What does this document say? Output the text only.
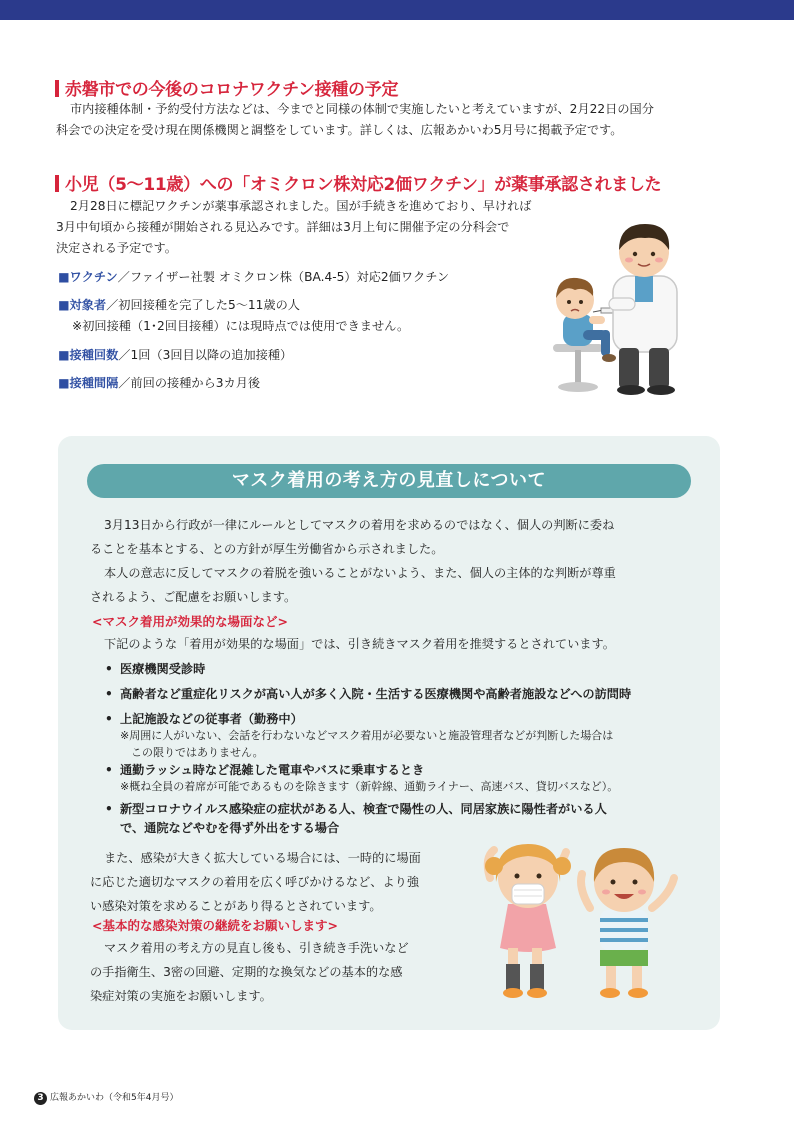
赤磐市での今後のコロナワクチン接種の予定
市内接種体制・予約受付方法などは、今までと同様の体制で実施したいと考えていますが、2月22日の国分
科会での決定を受け現在関係機関と調整をしています。詳しくは、広報あかいわ5月号に掲載予定です。
小児（5〜11歳）への「オミクロン株対応2価ワクチン」が薬事承認されました
2月28日に標記ワクチンが薬事承認されました。国が手続きを進めており、早ければ
3月中旬頃から接種が開始される見込みです。詳細は3月上旬に開催予定の分科会で
決定される予定です。
■ワクチン／ファイザー社製 オミクロン株（BA.4-5）対応2価ワクチン
■対象者／初回接種を完了した5〜11歳の人
※初回接種（1･2回目接種）には現時点では使用できません。
■接種回数／1回（3回目以降の追加接種）
■接種間隔／前回の接種から3カ月後
マスク着用の考え方の見直しについて
3月13日から行政が一律にルールとしてマスクの着用を求めるのではなく、個人の判断に委ね
ることを基本とする、との方針が厚生労働省から示されました。
本人の意志に反してマスクの着脱を強いることがないよう、また、個人の主体的な判断が尊重
されるよう、ご配慮をお願いします。
<マスク着用が効果的な場面など>
下記のような「着用が効果的な場面」では、引き続きマスク着用を推奨するとされています。
• 医療機関受診時
• 高齢者など重症化リスクが高い人が多く入院・生活する医療機関や高齢者施設などへの訪問時
• 上記施設などの従事者（勤務中）
※周囲に人がいない、会話を行わないなどマスク着用が必要ないと施設管理者などが判断した場合は
この限りではありません。
• 通勤ラッシュ時など混雑した電車やバスに乗車するとき
※概ね全員の着席が可能であるものを除きます（新幹線、通勤ライナー、高速バス、貸切バスなど）。
• 新型コロナウイルス感染症の症状がある人、検査で陽性の人、同居家族に陽性者がいる人
で、通院などやむを得ず外出をする場合
また、感染が大きく拡大している場合には、一時的に場面
に応じた適切なマスクの着用を広く呼びかけるなど、より強
い感染対策を求めることがあり得るとされています。
<基本的な感染対策の継続をお願いします>
マスク着用の考え方の見直し後も、引き続き手洗いなど
の手指衛生、3密の回避、定期的な換気などの基本的な感
染症対策の実施をお願いします。
3 広報あかいわ（令和5年4月号）
